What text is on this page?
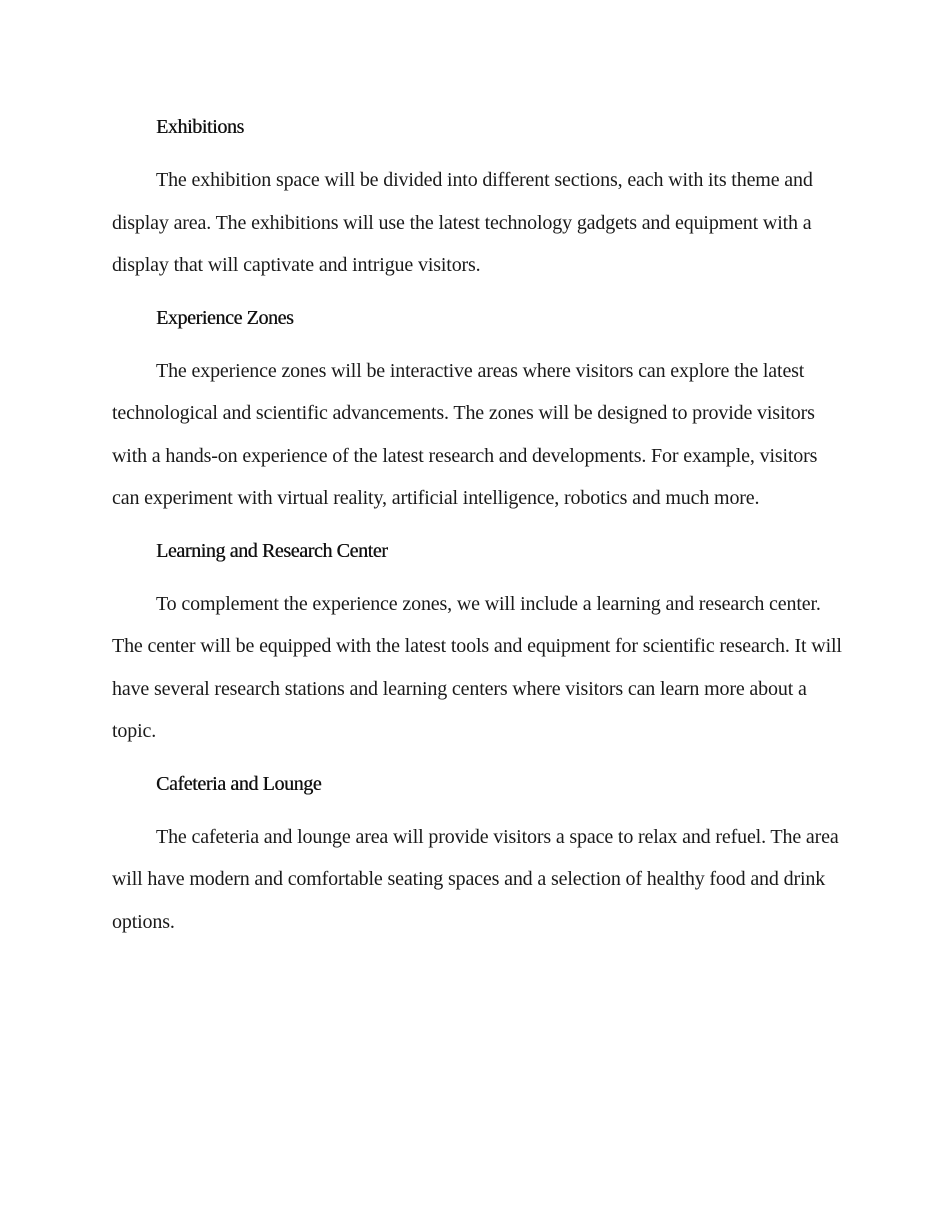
Exhibitions

The exhibition space will be divided into different sections, each with its theme and display area. The exhibitions will use the latest technology gadgets and equipment with a display that will captivate and intrigue visitors.

Experience Zones

The experience zones will be interactive areas where visitors can explore the latest technological and scientific advancements. The zones will be designed to provide visitors with a hands-on experience of the latest research and developments. For example, visitors can experiment with virtual reality, artificial intelligence, robotics and much more.

Learning and Research Center

To complement the experience zones, we will include a learning and research center. The center will be equipped with the latest tools and equipment for scientific research. It will have several research stations and learning centers where visitors can learn more about a topic.

Cafeteria and Lounge

The cafeteria and lounge area will provide visitors a space to relax and refuel. The area will have modern and comfortable seating spaces and a selection of healthy food and drink options.
